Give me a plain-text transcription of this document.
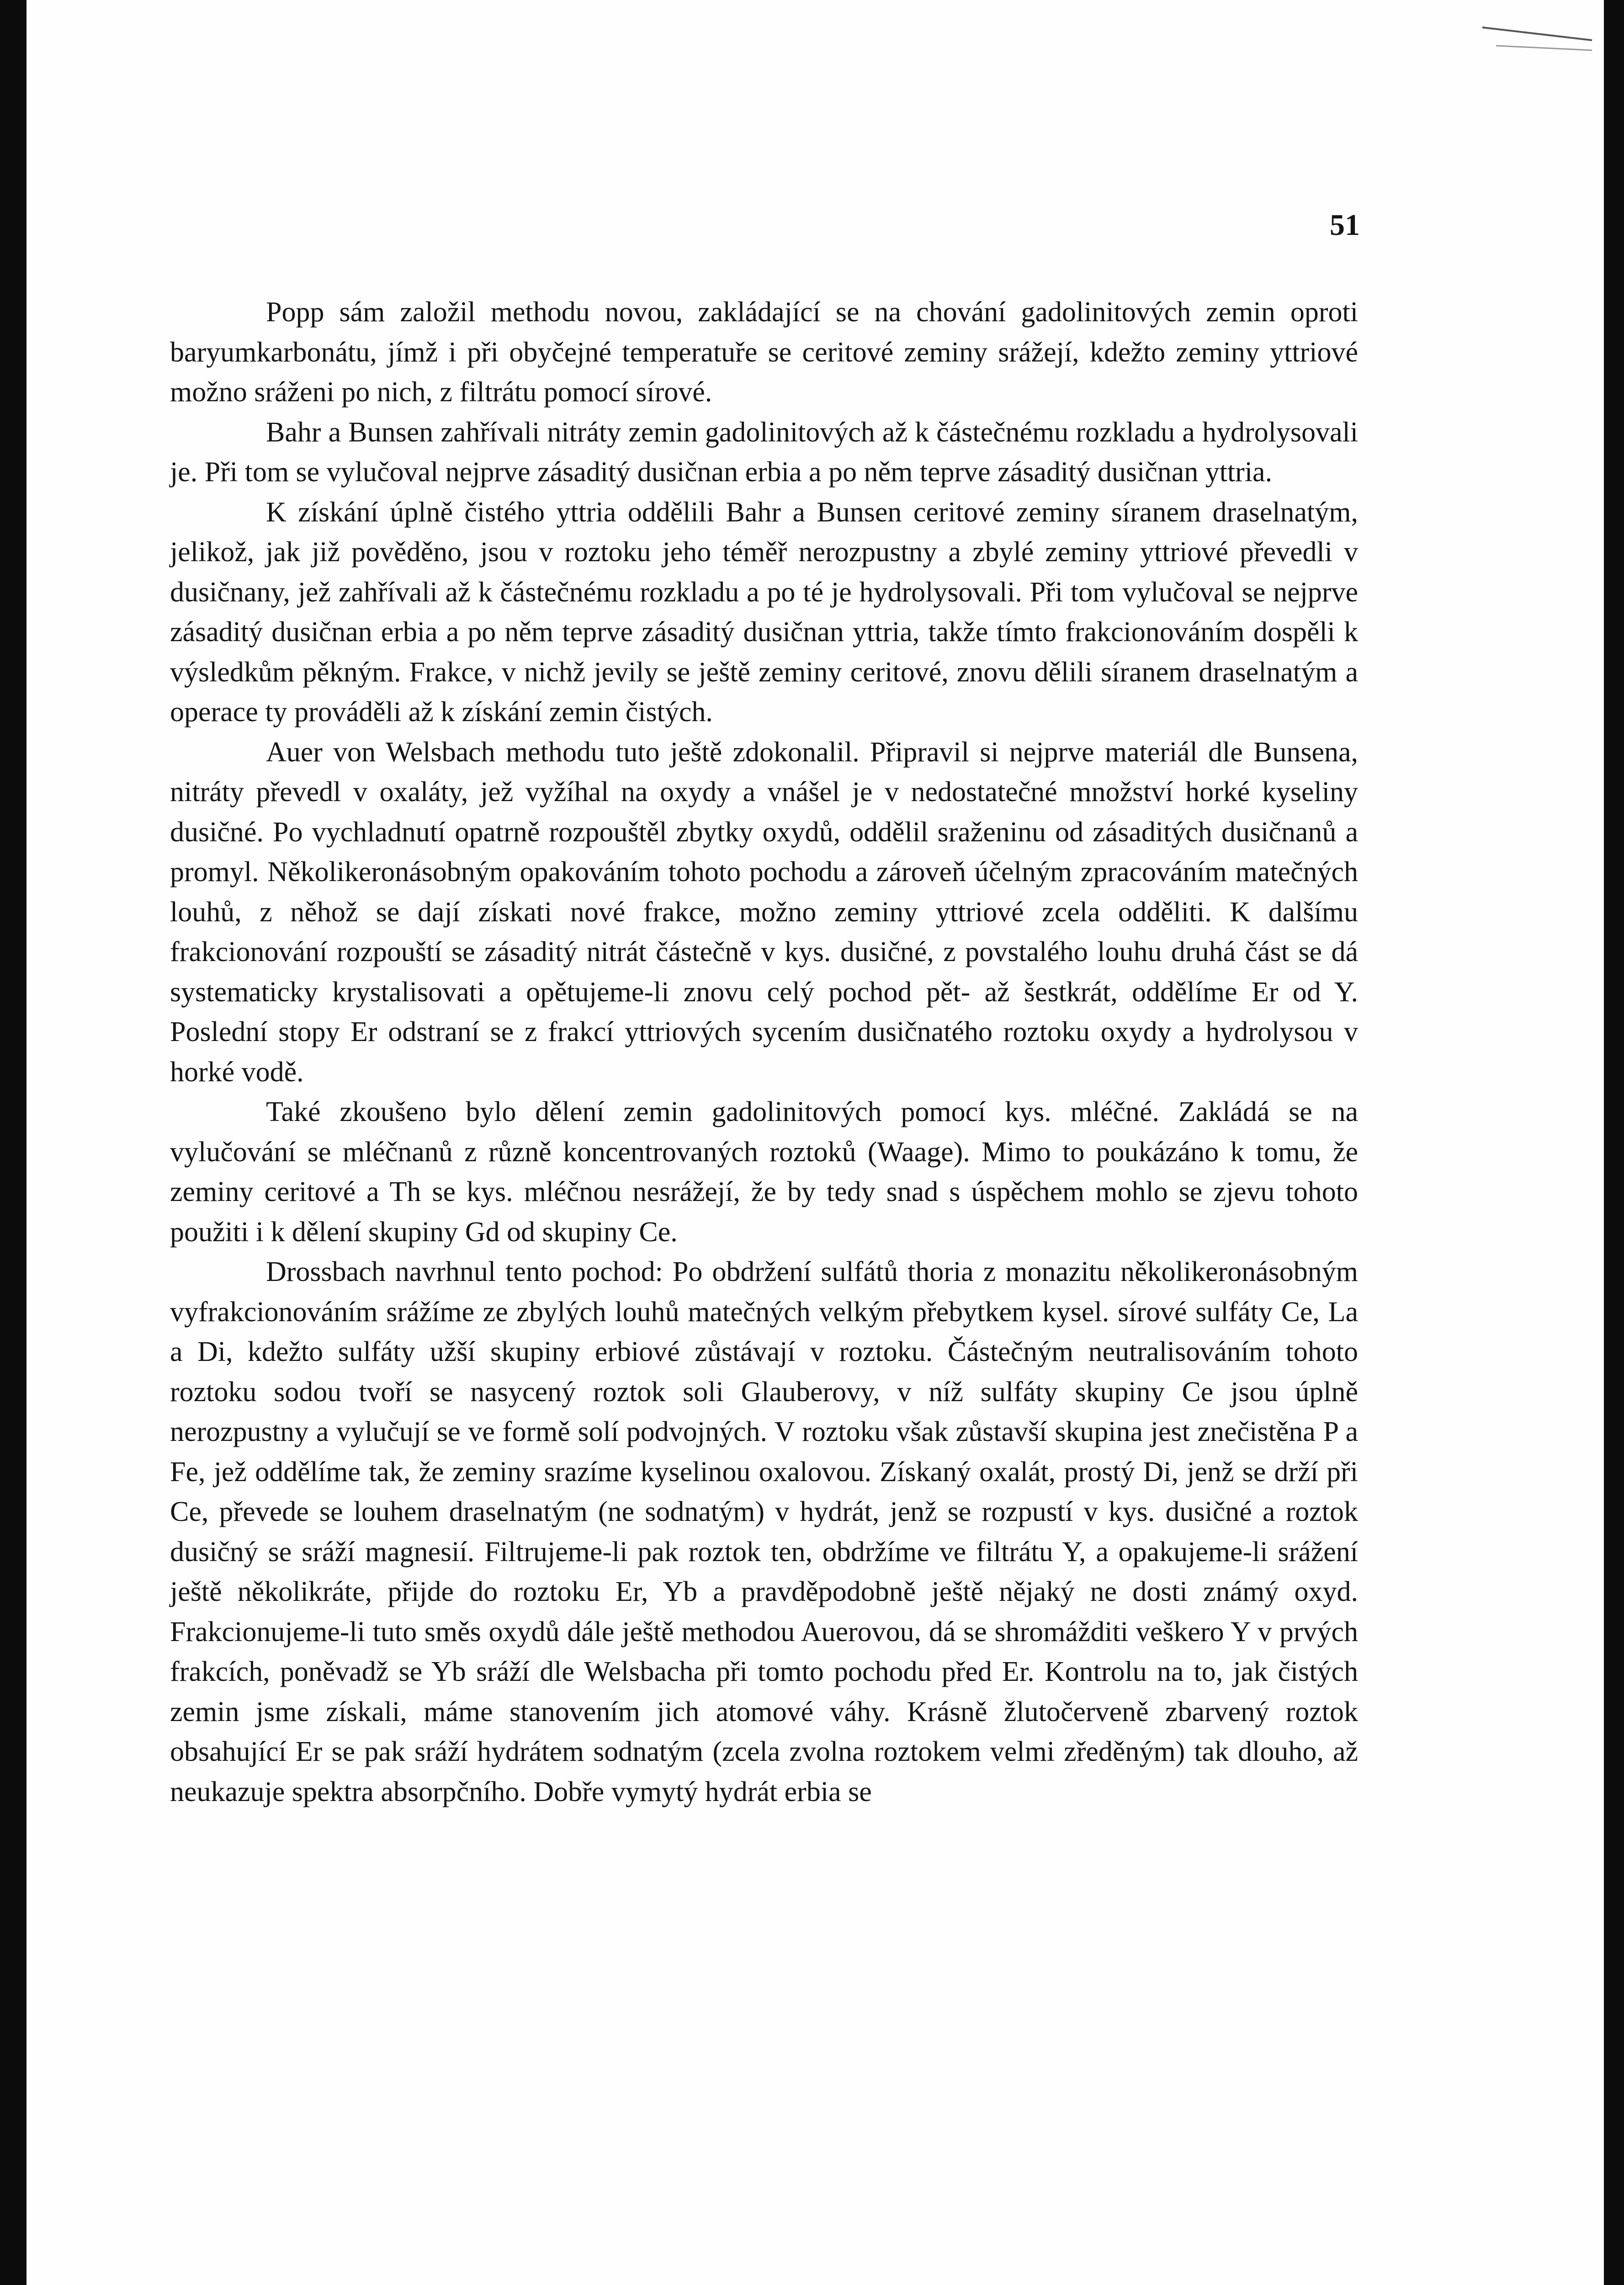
51

Popp sám založil methodu novou, zakládající se na chování gadolinitových zemin oproti baryumkarbonátu, jímž i při obyčejné temperatuře se ceritové zeminy srážejí, kdežto zeminy yttriové možno sráženi po nich, z filtrátu pomocí sírové.

Bahr a Bunsen zahřívali nitráty zemin gadolinitových až k částečnému rozkladu a hydrolysovali je. Při tom se vylučoval nejprve zásaditý dusičnan erbia a po něm teprve zásaditý dusičnan yttria.

K získání úplně čistého yttria oddělili Bahr a Bunsen ceritové zeminy síranem draselnatým, jelikož, jak již pověděno, jsou v roztoku jeho téměř nerozpustny a zbylé zeminy yttriové převedli v dusičnany, jež zahřívali až k částečnému rozkladu a po té je hydrolysovali. Při tom vylučoval se nejprve zásaditý dusičnan erbia a po něm teprve zásaditý dusičnan yttria, takže tímto frakcionováním dospěli k výsledkům pěkným. Frakce, v nichž jevily se ještě zeminy ceritové, znovu dělili síranem draselnatým a operace ty prováděli až k získání zemin čistých.

Auer von Welsbach methodu tuto ještě zdokonalil. Připravil si nejprve materiál dle Bunsena, nitráty převedl v oxaláty, jež vyžíhal na oxydy a vnášel je v nedostatečné množství horké kyseliny dusičné. Po vychladnutí opatrně rozpouštěl zbytky oxydů, oddělil sraženinu od zásaditých dusičnanů a promyl. Několikeronásobným opakováním tohoto pochodu a zároveň účelným zpracováním matečných louhů, z něhož se dají získati nové frakce, možno zeminy yttriové zcela odděliti. K dalšímu frakcionování rozpouští se zásaditý nitrát částečně v kys. dusičné, z povstalého louhu druhá část se dá systematicky krystalisovati a opětujeme-li znovu celý pochod pět- až šestkrát, oddělíme Er od Y. Poslední stopy Er odstraní se z frakcí yttriových sycením dusičnatého roztoku oxydy a hydrolysou v horké vodě.

Také zkoušeno bylo dělení zemin gadolinitových pomocí kys. mléčné. Zakládá se na vylučování se mléčnanů z různě koncentrovaných roztoků (Waage). Mimo to poukázáno k tomu, že zeminy ceritové a Th se kys. mléčnou nesrážejí, že by tedy snad s úspěchem mohlo se zjevu tohoto použiti i k dělení skupiny Gd od skupiny Ce.

Drossbach navrhnul tento pochod: Po obdržení sulfátů thoria z monazitu několikeronásobným vyfrakcionováním srážíme ze zbylých louhů matečných velkým přebytkem kysel. sírové sulfáty Ce, La a Di, kdežto sulfáty užší skupiny erbiové zůstávají v roztoku. Částečným neutralisováním tohoto roztoku sodou tvoří se nasycený roztok soli Glauberovy, v níž sulfáty skupiny Ce jsou úplně nerozpustny a vylučují se ve formě solí podvojných. V roztoku však zůstavší skupina jest znečistěna P a Fe, jež oddělíme tak, že zeminy srazíme kyselinou oxalovou. Získaný oxalát, prostý Di, jenž se drží při Ce, převede se louhem draselnatým (ne sodnatým) v hydrát, jenž se rozpustí v kys. dusičné a roztok dusičný se sráží magnesií. Filtrujeme-li pak roztok ten, obdržíme ve filtrátu Y, a opakujeme-li srážení ještě několikráte, přijde do roztoku Er, Yb a pravděpodobně ještě nějaký ne dosti známý oxyd. Frakcionujeme-li tuto směs oxydů dále ještě methodou Auerovou, dá se shromážditi veškero Y v prvých frakcích, poněvadž se Yb sráží dle Welsbacha při tomto pochodu před Er. Kontrolu na to, jak čistých zemin jsme získali, máme stanovením jich atomové váhy. Krásně žlutočerveně zbarvený roztok obsahující Er se pak sráží hydrátem sodnatým (zcela zvolna roztokem velmi zředěným) tak dlouho, až neukazuje spektra absorpčního. Dobře vymytý hydrát erbia se
